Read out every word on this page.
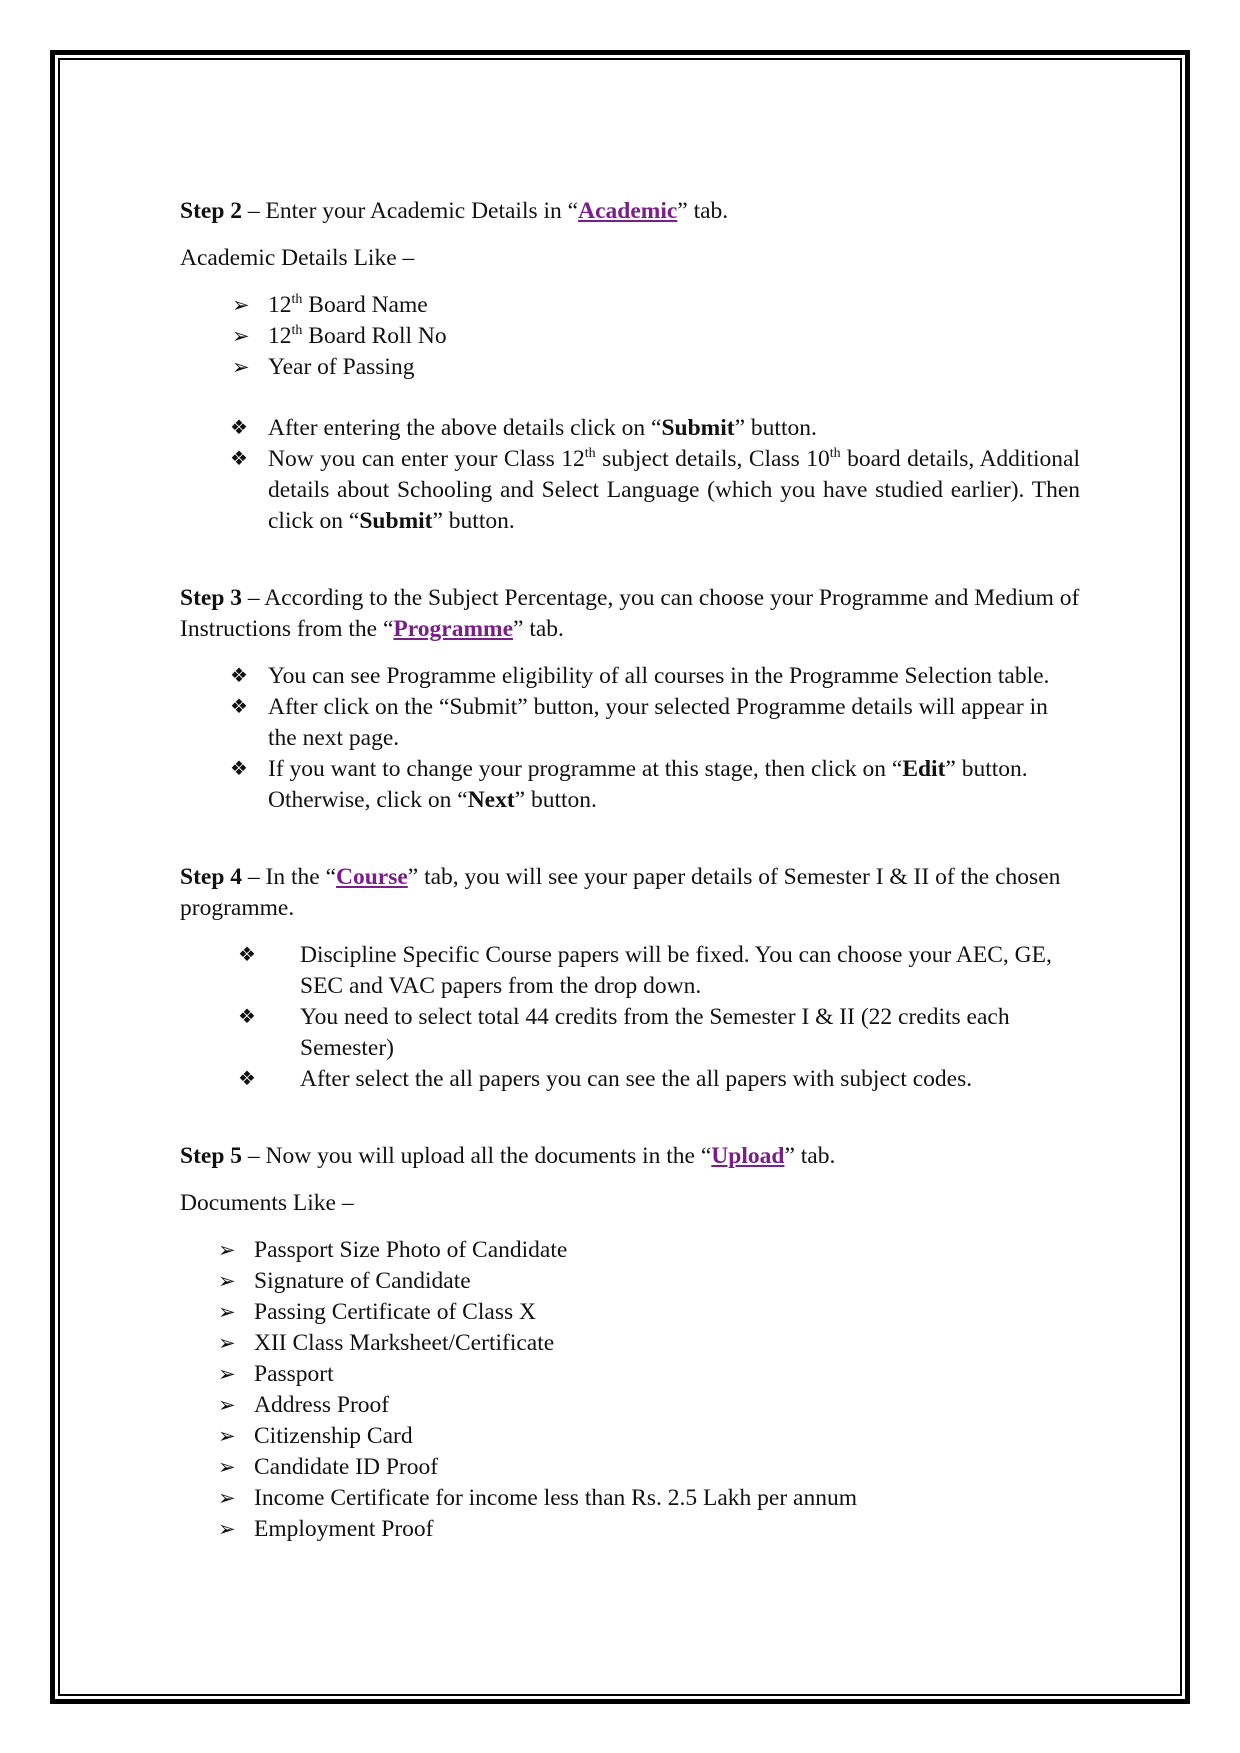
Step 2 – Enter your Academic Details in “Academic” tab.

Academic Details Like –

➢ 12th Board Name
➢ 12th Board Roll No
➢ Year of Passing
❖ After entering the above details click on “Submit” button.
❖ Now you can enter your Class 12th subject details, Class 10th board details, Additional details about Schooling and Select Language (which you have studied earlier). Then click on “Submit” button.

Step 3 – According to the Subject Percentage, you can choose your Programme and Medium of Instructions from the “Programme” tab.

❖ You can see Programme eligibility of all courses in the Programme Selection table.
❖ After click on the “Submit” button, your selected Programme details will appear in the next page.
❖ If you want to change your programme at this stage, then click on “Edit” button. Otherwise, click on “Next” button.

Step 4 – In the “Course” tab, you will see your paper details of Semester I & II of the chosen programme.

❖ Discipline Specific Course papers will be fixed. You can choose your AEC, GE, SEC and VAC papers from the drop down.
❖ You need to select total 44 credits from the Semester I & II (22 credits each Semester)
❖ After select the all papers you can see the all papers with subject codes.

Step 5 – Now you will upload all the documents in the “Upload” tab.

Documents Like –

➢ Passport Size Photo of Candidate
➢ Signature of Candidate
➢ Passing Certificate of Class X
➢ XII Class Marksheet/Certificate
➢ Passport
➢ Address Proof
➢ Citizenship Card
➢ Candidate ID Proof
➢ Income Certificate for income less than Rs. 2.5 Lakh per annum
➢ Employment Proof
